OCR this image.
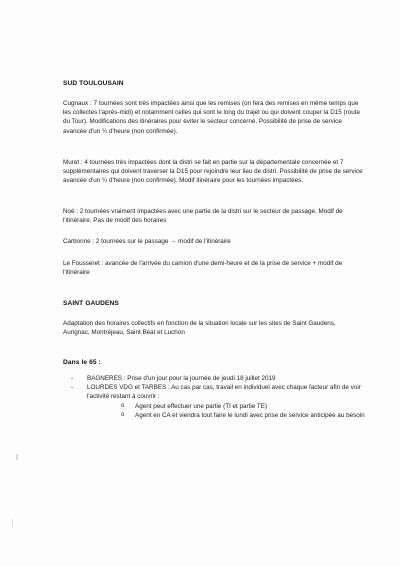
SUD TOULOUSAIN
Cugnaux : 7 tournées sont très impactées ainsi que les remises (on fera des remises en même temps que les collectes l'après-midi) et notamment celles qui sont le long du trajet ou qui doivent couper la D15 (route du Tour). Modifications des itinéraires pour éviter le secteur concerné. Possibilité de prise de service avancée d'un ¼ d'heure (non confirmée).
Muret : 4 tournées très impactées dont la distri se fait en partie sur la départementale concernée et 7 supplémentaires qui doivent traverser la D15 pour rejoindre leur lieu de distri. Possibilité de prise de service avancée d'un ¼ d'heure (non confirmée). Modif itinéraire pour les tournées impactées.
Noé : 2 tournées vraiment impactées avec une partie de la distri sur le secteur de passage. Modif de l'itinéraire. Pas de modif des horaires
Carbonne : 2 tournées sur le passage → modif de l'itinéraire
Le Fousseret : avancée de l'arrivée du camion d'une demi-heure et de la prise de service + modif de l'itinéraire
SAINT GAUDENS
Adaptation des horaires collectifs en fonction de la situation locale sur les sites de Saint Gaudens, Aurignac, Montréjeau, Saint Béat et Luchon
Dans le 65 :
- BAGNERES : Prise d'un jour pour la journée de jeudi 18 juillet 2019
- LOURDES VDG et TARBES : Au cas par cas, travail en individuel avec chaque facteur afin de voir l'activité restant à couvrir :
o Agent peut effectuer une partie (TI et partie TE)
o Agent en CA et viendra tout faire le lundi avec prise de service anticipée au besoin
